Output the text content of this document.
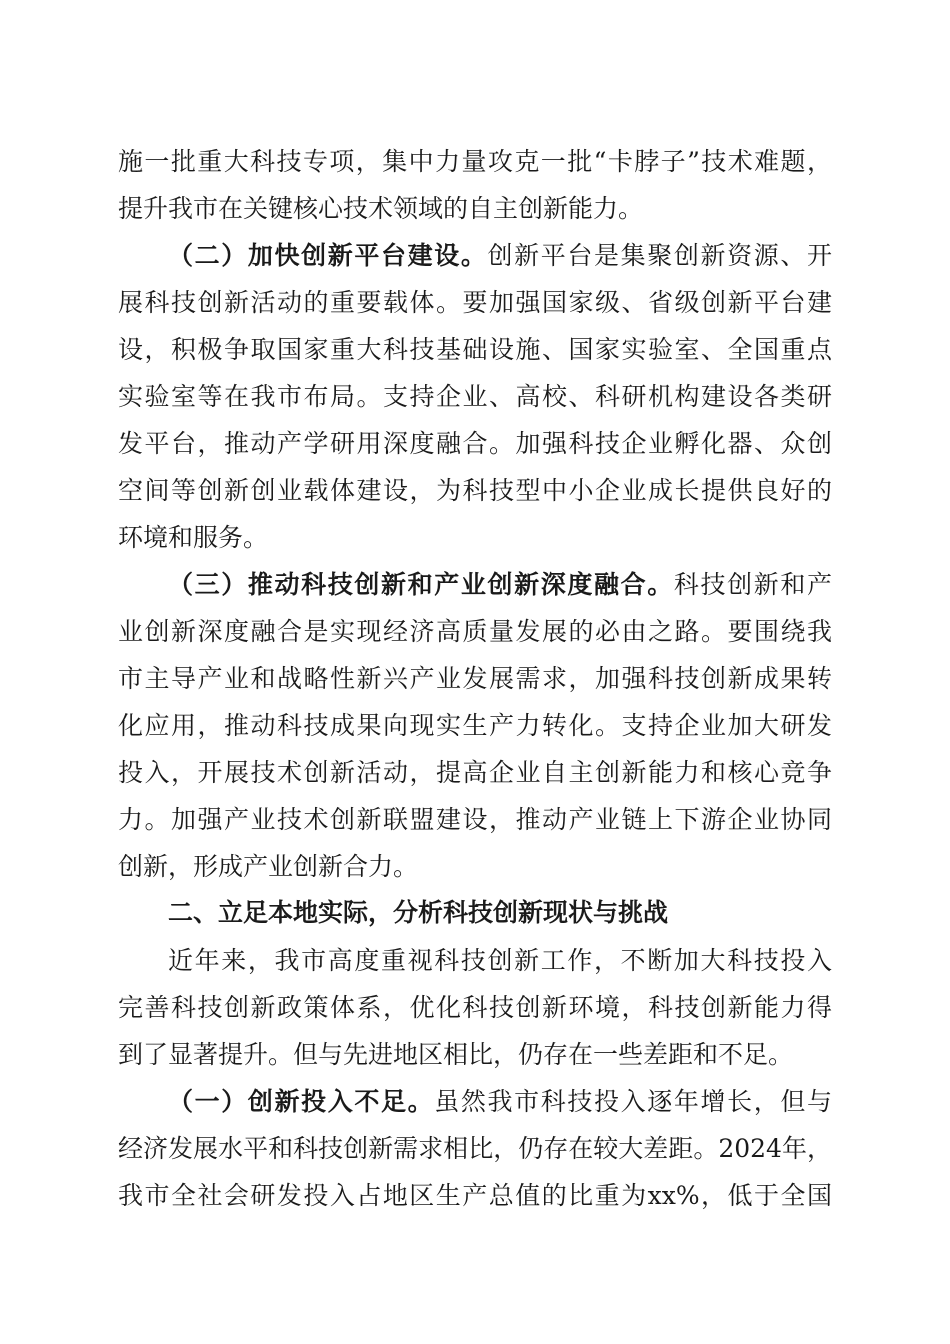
施一批重大科技专项，集中力量攻克一批“卡脖子”技术难题，
提升我市在关键核心技术领域的自主创新能力。
（二）加快创新平台建设。创新平台是集聚创新资源、开
展科技创新活动的重要载体。要加强国家级、省级创新平台建
设，积极争取国家重大科技基础设施、国家实验室、全国重点
实验室等在我市布局。支持企业、高校、科研机构建设各类研
发平台，推动产学研用深度融合。加强科技企业孵化器、众创
空间等创新创业载体建设，为科技型中小企业成长提供良好的
环境和服务。
（三）推动科技创新和产业创新深度融合。科技创新和产
业创新深度融合是实现经济高质量发展的必由之路。要围绕我
市主导产业和战略性新兴产业发展需求，加强科技创新成果转
化应用，推动科技成果向现实生产力转化。支持企业加大研发
投入，开展技术创新活动，提高企业自主创新能力和核心竞争
力。加强产业技术创新联盟建设，推动产业链上下游企业协同
创新，形成产业创新合力。
二、立足本地实际，分析科技创新现状与挑战
近年来，我市高度重视科技创新工作，不断加大科技投入
完善科技创新政策体系，优化科技创新环境，科技创新能力得
到了显著提升。但与先进地区相比，仍存在一些差距和不足。
（一）创新投入不足。虽然我市科技投入逐年增长，但与
经济发展水平和科技创新需求相比，仍存在较大差距。2024年，
我市全社会研发投入占地区生产总值的比重为xx%，低于全国
